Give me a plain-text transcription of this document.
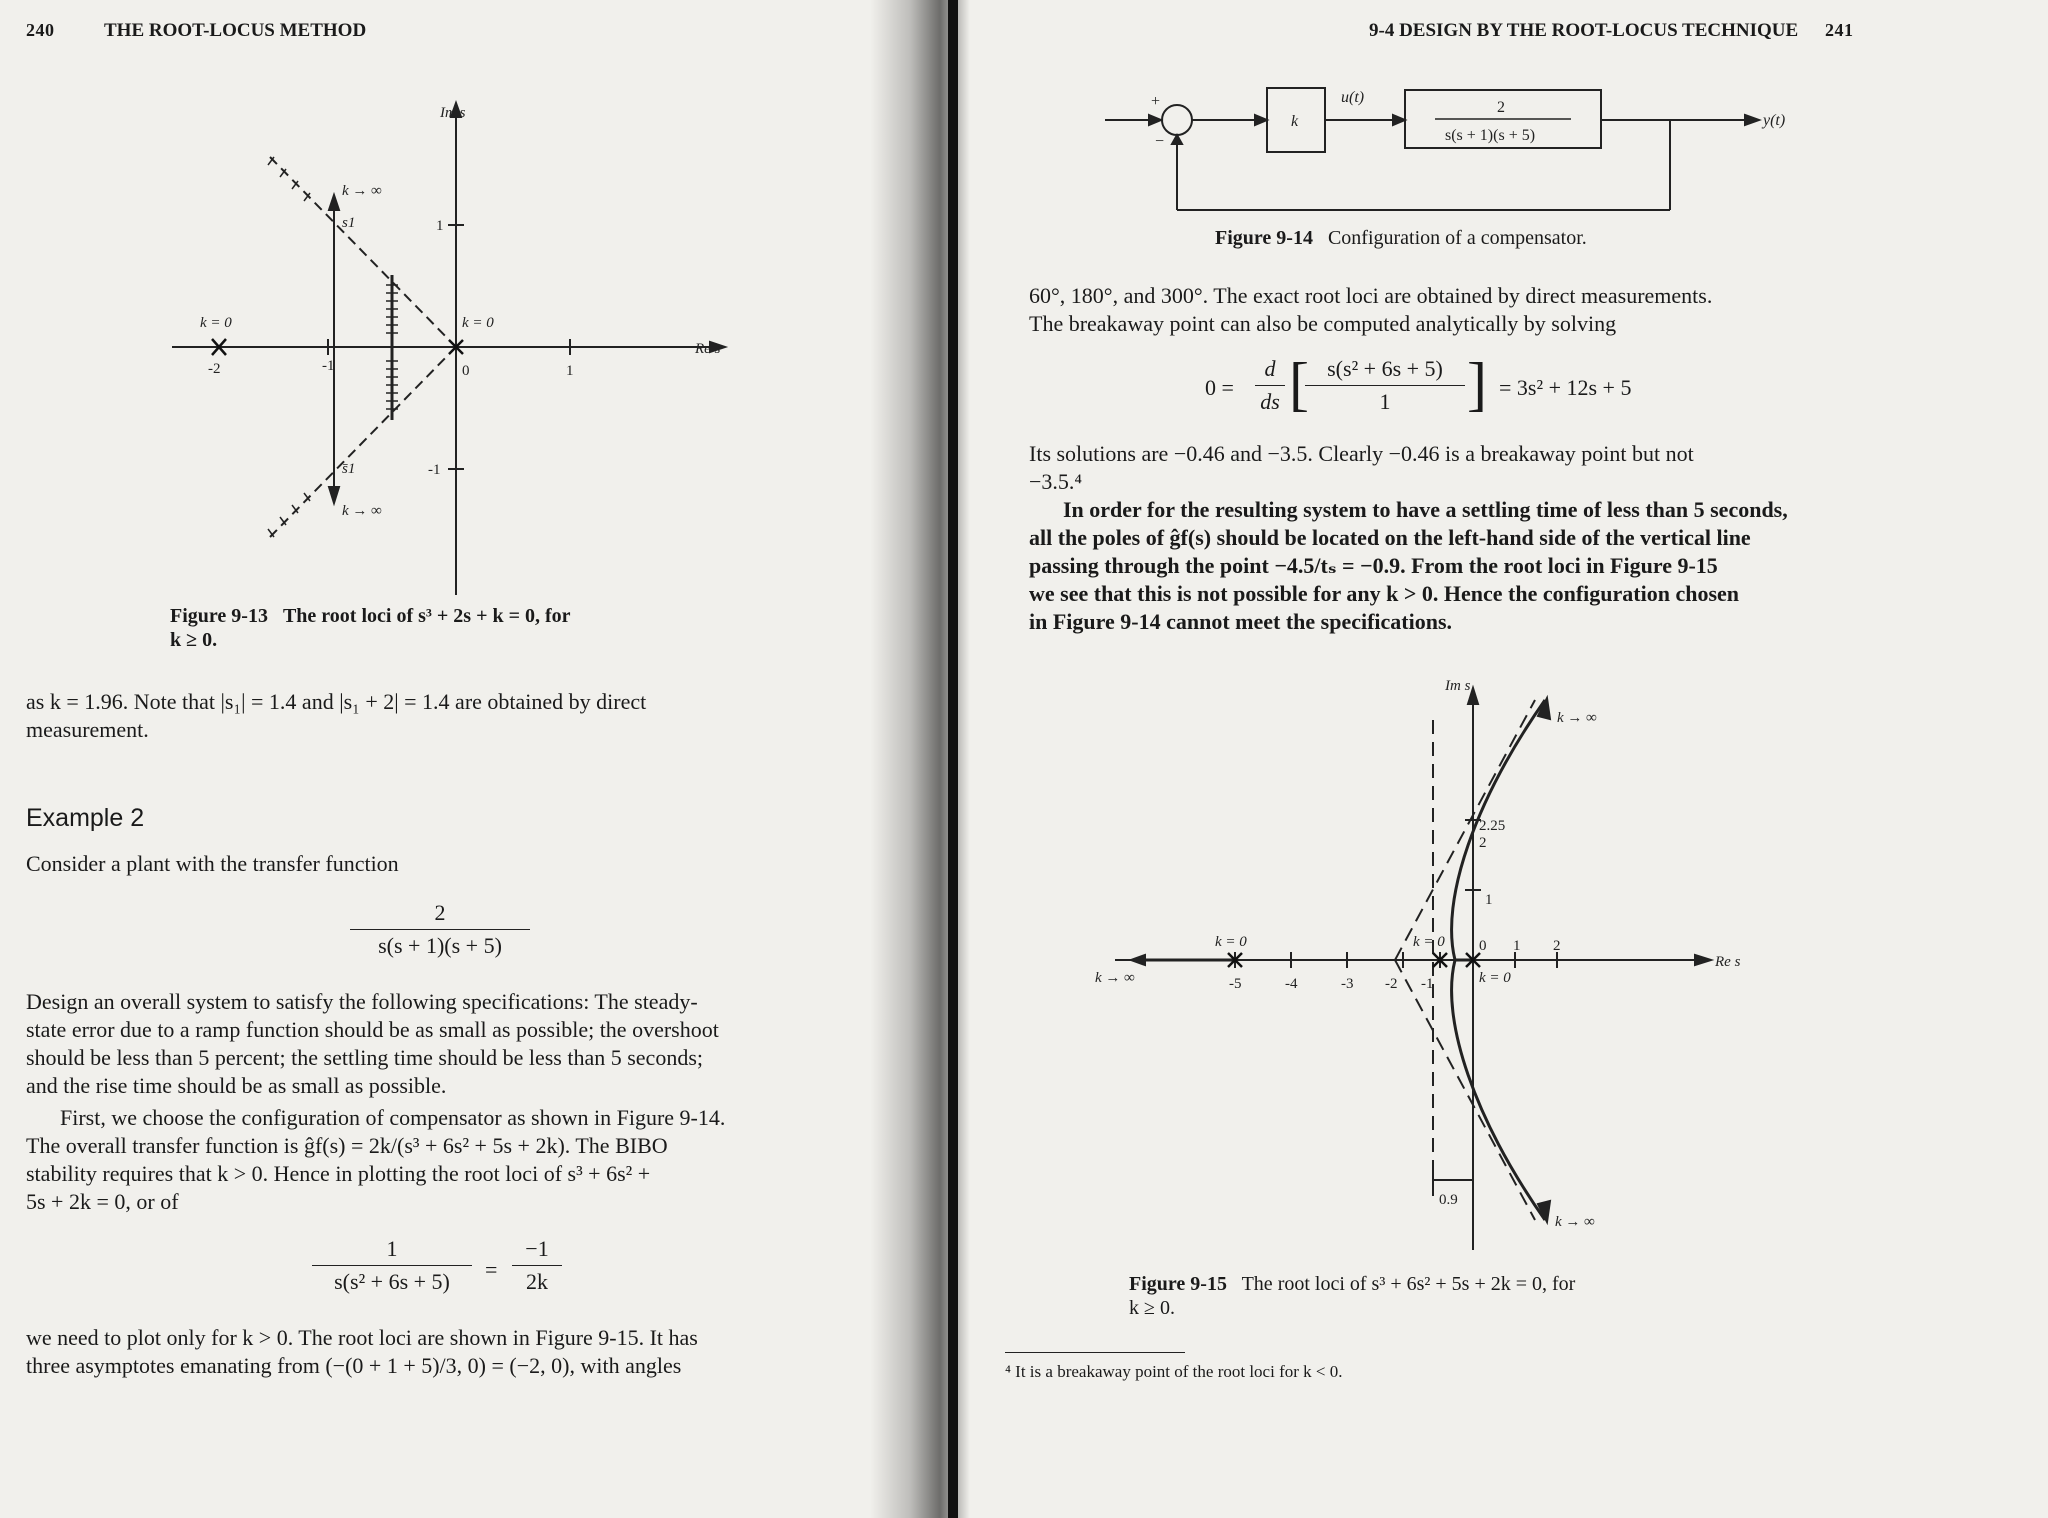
240	THE ROOT-LOCUS METHOD
Im s
Re s
k = 0	k = 0
k → ∞
k → ∞
s1
s̄1
-2	-1	0	1
1
-1
Figure 9-13 The root loci of s³ + 2s + k = 0, for
k ≥ 0.
as k = 1.96. Note that |s₁| = 1.4 and |s₁ + 2| = 1.4 are obtained by direct
measurement.
Example 2
Consider a plant with the transfer function
2
s(s + 1)(s + 5)
Design an overall system to satisfy the following specifications: The steady-
state error due to a ramp function should be as small as possible; the overshoot
should be less than 5 percent; the settling time should be less than 5 seconds;
and the rise time should be as small as possible.
First, we choose the configuration of compensator as shown in Figure 9-14.
The overall transfer function is ĝf(s) = 2k/(s³ + 6s² + 5s + 2k). The BIBO
stability requires that k > 0. Hence in plotting the root loci of s³ + 6s² +
5s + 2k = 0, or of
1
s(s² + 6s + 5)	=
−1
2k
we need to plot only for k > 0. The root loci are shown in Figure 9-15. It has
three asymptotes emanating from (−(0 + 1 + 5)/3, 0) = (−2, 0), with angles
9-4 DESIGN BY THE ROOT-LOCUS TECHNIQUE 241
+
−
k
u(t)
2
s(s + 1)(s + 5)
y(t)
Figure 9-14 Configuration of a compensator.
60°, 180°, and 300°. The exact root loci are obtained by direct measurements.
The breakaway point can also be computed analytically by solving
0 =
d
ds [ s(s² + 6s + 5)
1	] = 3s² + 12s + 5
Its solutions are −0.46 and −3.5. Clearly −0.46 is a breakaway point but not
−3.5.⁴
In order for the resulting system to have a settling time of less than 5 seconds,
all the poles of ĝf(s) should be located on the left-hand side of the vertical line
passing through the point −4.5/tₛ = −0.9. From the root loci in Figure 9-15
we see that this is not possible for any k > 0. Hence the configuration chosen
in Figure 9-14 cannot meet the specifications.
Im s
Re s
k → ∞
k → ∞
k → ∞
k = 0	k = 0
k = 0
2.25
2
1
-5	-4	-3 -2 -1
0 1 2
0.9
Figure 9-15 The root loci of s³ + 6s² + 5s + 2k = 0, for
k ≥ 0.
⁴ It is a breakaway point of the root loci for k < 0.
